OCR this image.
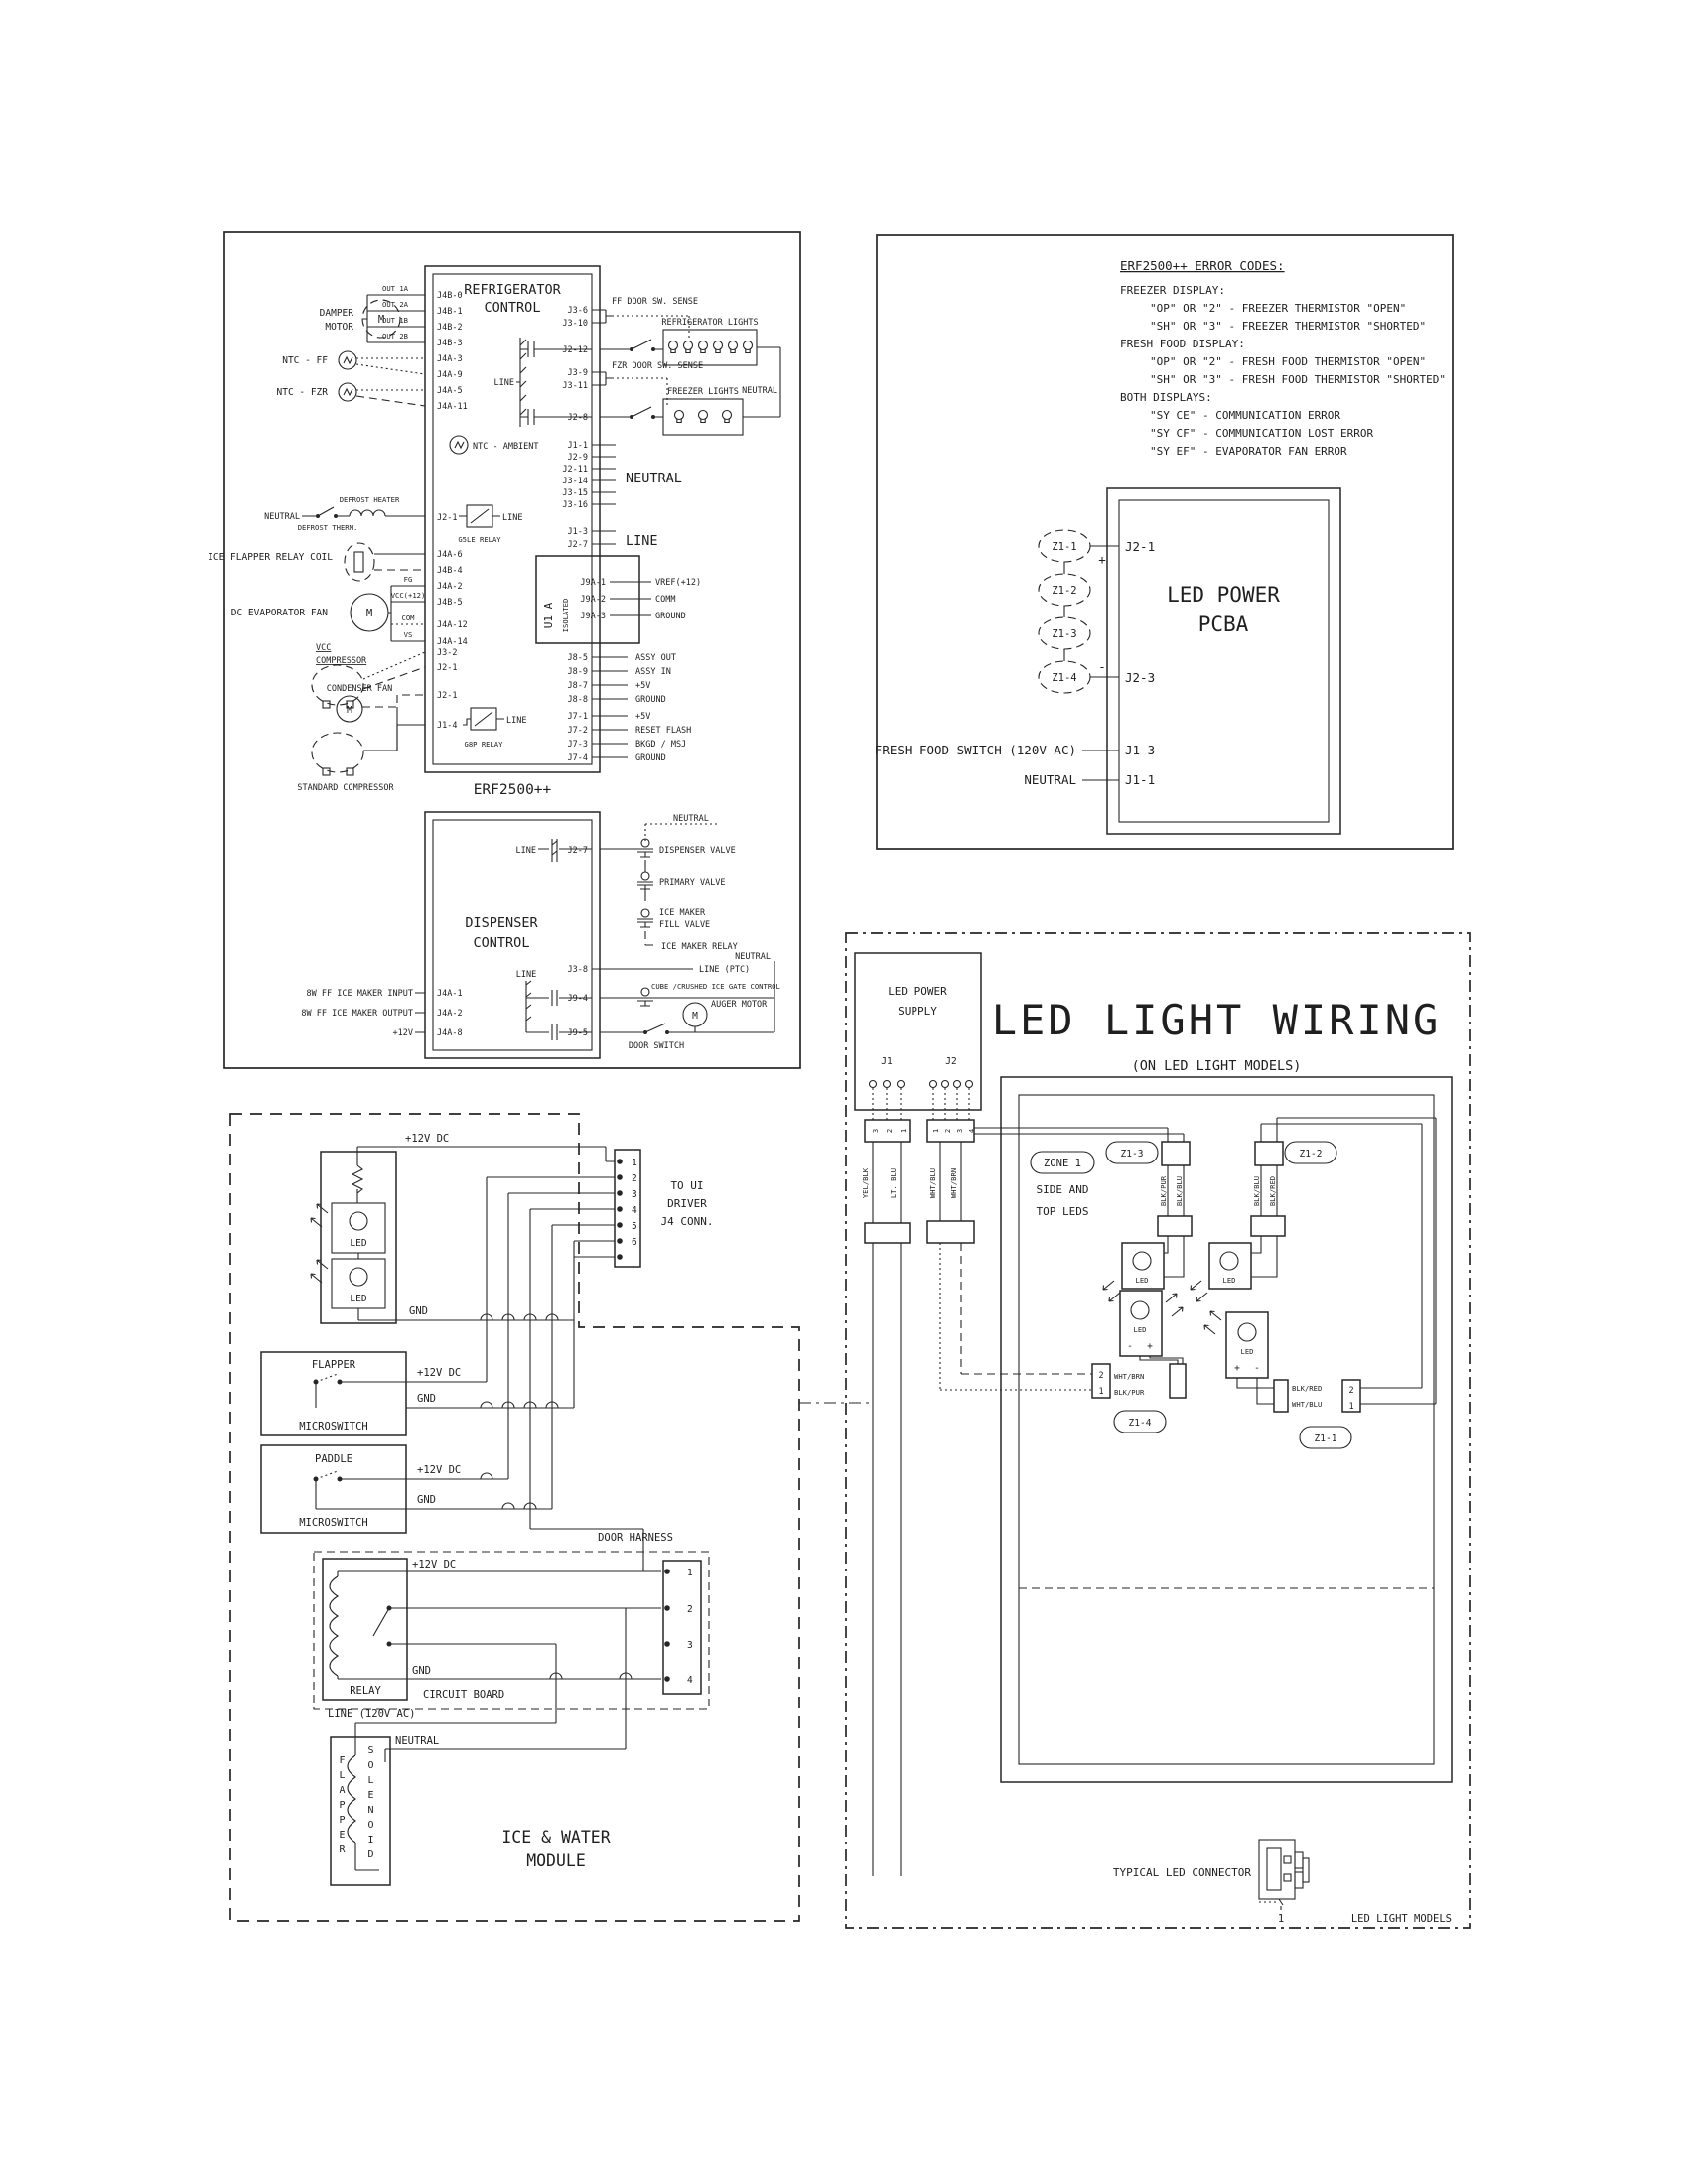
REFRIGERATOR
CONTROL
ERF2500++
M
DAMPER
MOTOR
OUT 1A
OUT 2A
OUT 1B
OUT 2B
J4B-0
J4B-1
J4B-2
J4B-3
J4A-3
J4A-9
J4A-5
J4A-11
NTC - FF
NTC - FZR
NTC - AMBIENT
NEUTRAL
DEFROST THERM.
DEFROST HEATER
J2-1
G5LE RELAY
LINE
ICE FLAPPER RELAY COIL	J4A-6
J4B-4
DC EVAPORATOR FAN	M
FG
VCC(+12)
COM
VS
J4A-2
J4B-5
J4A-12
J4A-14
VCC
COMPRESSOR
J3-2
J2-1
CONDENSER FAN
M
J2-1
STANDARD COMPRESSOR
J1-4
G8P RELAY
LINE
LINE
J3-6
J3-10
J2-12
J3-9
J3-11
J2-8
J1-1
J2-9
J2-11
J3-14
J3-15
J3-16
J1-3
J2-7
FF DOOR SW. SENSE
FZR DOOR SW. SENSE
NEUTRAL
LINE
REFRIGERATOR LIGHTS
NEUTRAL
FREEZER LIGHTS
U1 A ISOLATED
J9A-1
J9A-2
J9A-3
VREF(+12)
COMM
GROUND
J8-5
J8-9
J8-7
J8-8
ASSY OUT
ASSY IN
+5V
GROUND
J7-1
J7-2
J7-3
J7-4
+5V
RESET FLASH
BKGD / MSJ
GROUND
DISPENSER
CONTROL
LINE	J2-7
NEUTRAL
DISPENSER VALVE
PRIMARY VALVE
ICE MAKER
FILL VALVE
ICE MAKER RELAY
J3-8	LINE (PTC)
8W FF ICE MAKER INPUT
8W FF ICE MAKER OUTPUT
+12V
J4A-1
J4A-2
J4A-8
LINE
J9-4
CUBE /CRUSHED ICE GATE CONTROL
NEUTRAL
M
AUGER MOTOR
J9-5
DOOR SWITCH
ERF2500++ ERROR CODES:
FREEZER DISPLAY:
"OP" OR "2" - FREEZER THERMISTOR "OPEN"
"SH" OR "3" - FREEZER THERMISTOR "SHORTED"
FRESH FOOD DISPLAY:
"OP" OR "2" - FRESH FOOD THERMISTOR "OPEN"
"SH" OR "3" - FRESH FOOD THERMISTOR "SHORTED"
BOTH DISPLAYS:
"SY CE" - COMMUNICATION ERROR
"SY CF" - COMMUNICATION LOST ERROR
"SY EF" - EVAPORATOR FAN ERROR
LED POWER
PCBA
Z1-1
Z1-2
Z1-3
Z1-4
+
-
J2-1
J2-3
FRESH FOOD SWITCH (120V AC)	J1-3
NEUTRAL	J1-1
LED
LED
+12V DC
GND
1
2
3
4
5
6
TO UI
DRIVER
J4 CONN.
FLAPPER
MICROSWITCH
+12V DC
GND
PADDLE
MICROSWITCH
+12V DC
GND
DOOR HARNESS
RELAY	CIRCUIT BOARD
+12V DC
GND
1
2
3
4
LINE (120V AC)
NEUTRAL
ICE & WATER
MODULE
LED LIGHT WIRING
(ON LED LIGHT MODELS)
LED POWER
SUPPLY
J1	J2
3 2 1	1 2 3 4
YEL/BLK	LT. BLU	WHT/BLU WHT/BRN
ZONE 1
SIDE AND
TOP LEDS
Z1-3
BLK/PUR BLK/BLU
LED
Z1-2
BLK/BLU BLK/RED
LED
LED
+ -
BLK/RED
WHT/BLU
2
1
Z1-1
LED
- +
2
1
WHT/BRN
BLK/PUR
Z1-4
TYPICAL LED CONNECTOR
1	LED LIGHT MODELS
FLAPPER SOLENOID
